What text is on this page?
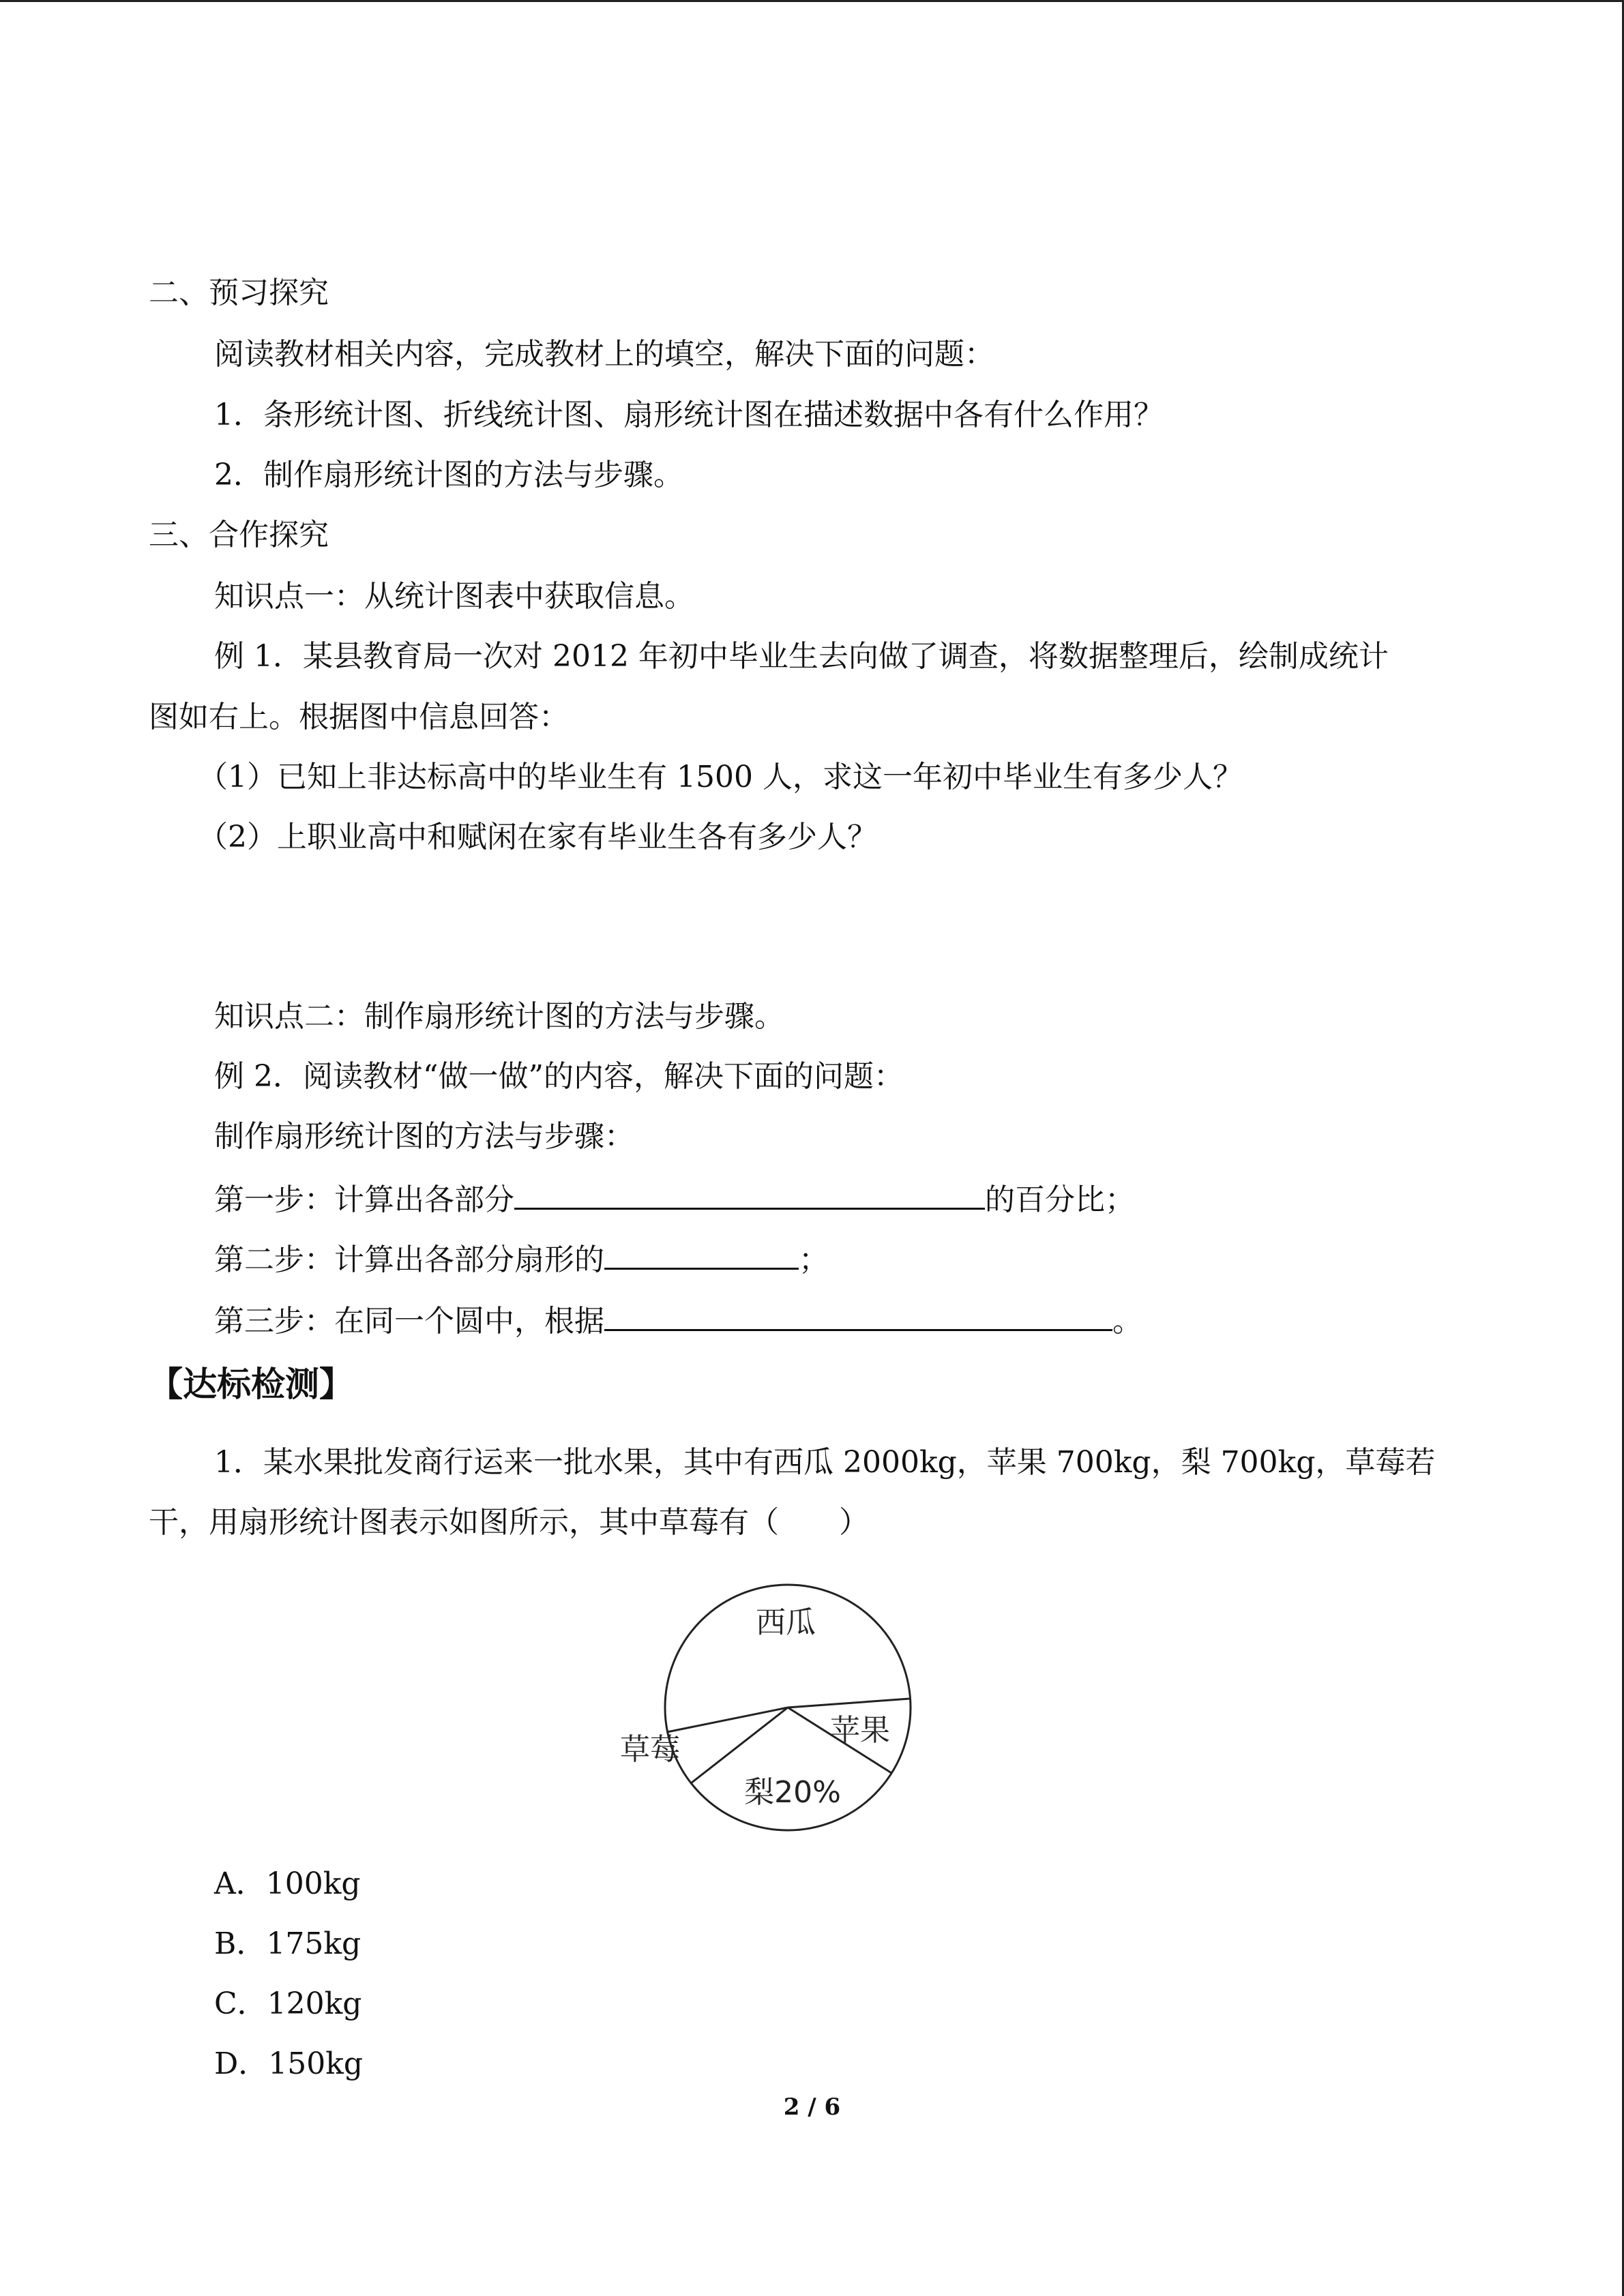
二、预习探究
阅读教材相关内容，完成教材上的填空，解决下面的问题：
1．条形统计图、折线统计图、扇形统计图在描述数据中各有什么作用？
2．制作扇形统计图的方法与步骤。
三、合作探究
知识点一：从统计图表中获取信息。
例 1．某县教育局一次对 2012 年初中毕业生去向做了调查，将数据整理后，绘制成统计
图如右上。根据图中信息回答：
（1）已知上非达标高中的毕业生有 1500 人，求这一年初中毕业生有多少人？
（2）上职业高中和赋闲在家有毕业生各有多少人？
知识点二：制作扇形统计图的方法与步骤。
例 2．阅读教材“做一做”的内容，解决下面的问题：
制作扇形统计图的方法与步骤：
第一步：计算出各部分	的百分比；
第二步：计算出各部分扇形的	；
第三步：在同一个圆中，根据	。
【达标检测】
1．某水果批发商行运来一批水果，其中有西瓜 2000kg，苹果 700kg，梨 700kg，草莓若
干，用扇形统计图表示如图所示，其中草莓有（　　）
西瓜
苹果
梨20%
草莓
A．100kg
B．175kg
C．120kg
D．150kg
2 / 6
